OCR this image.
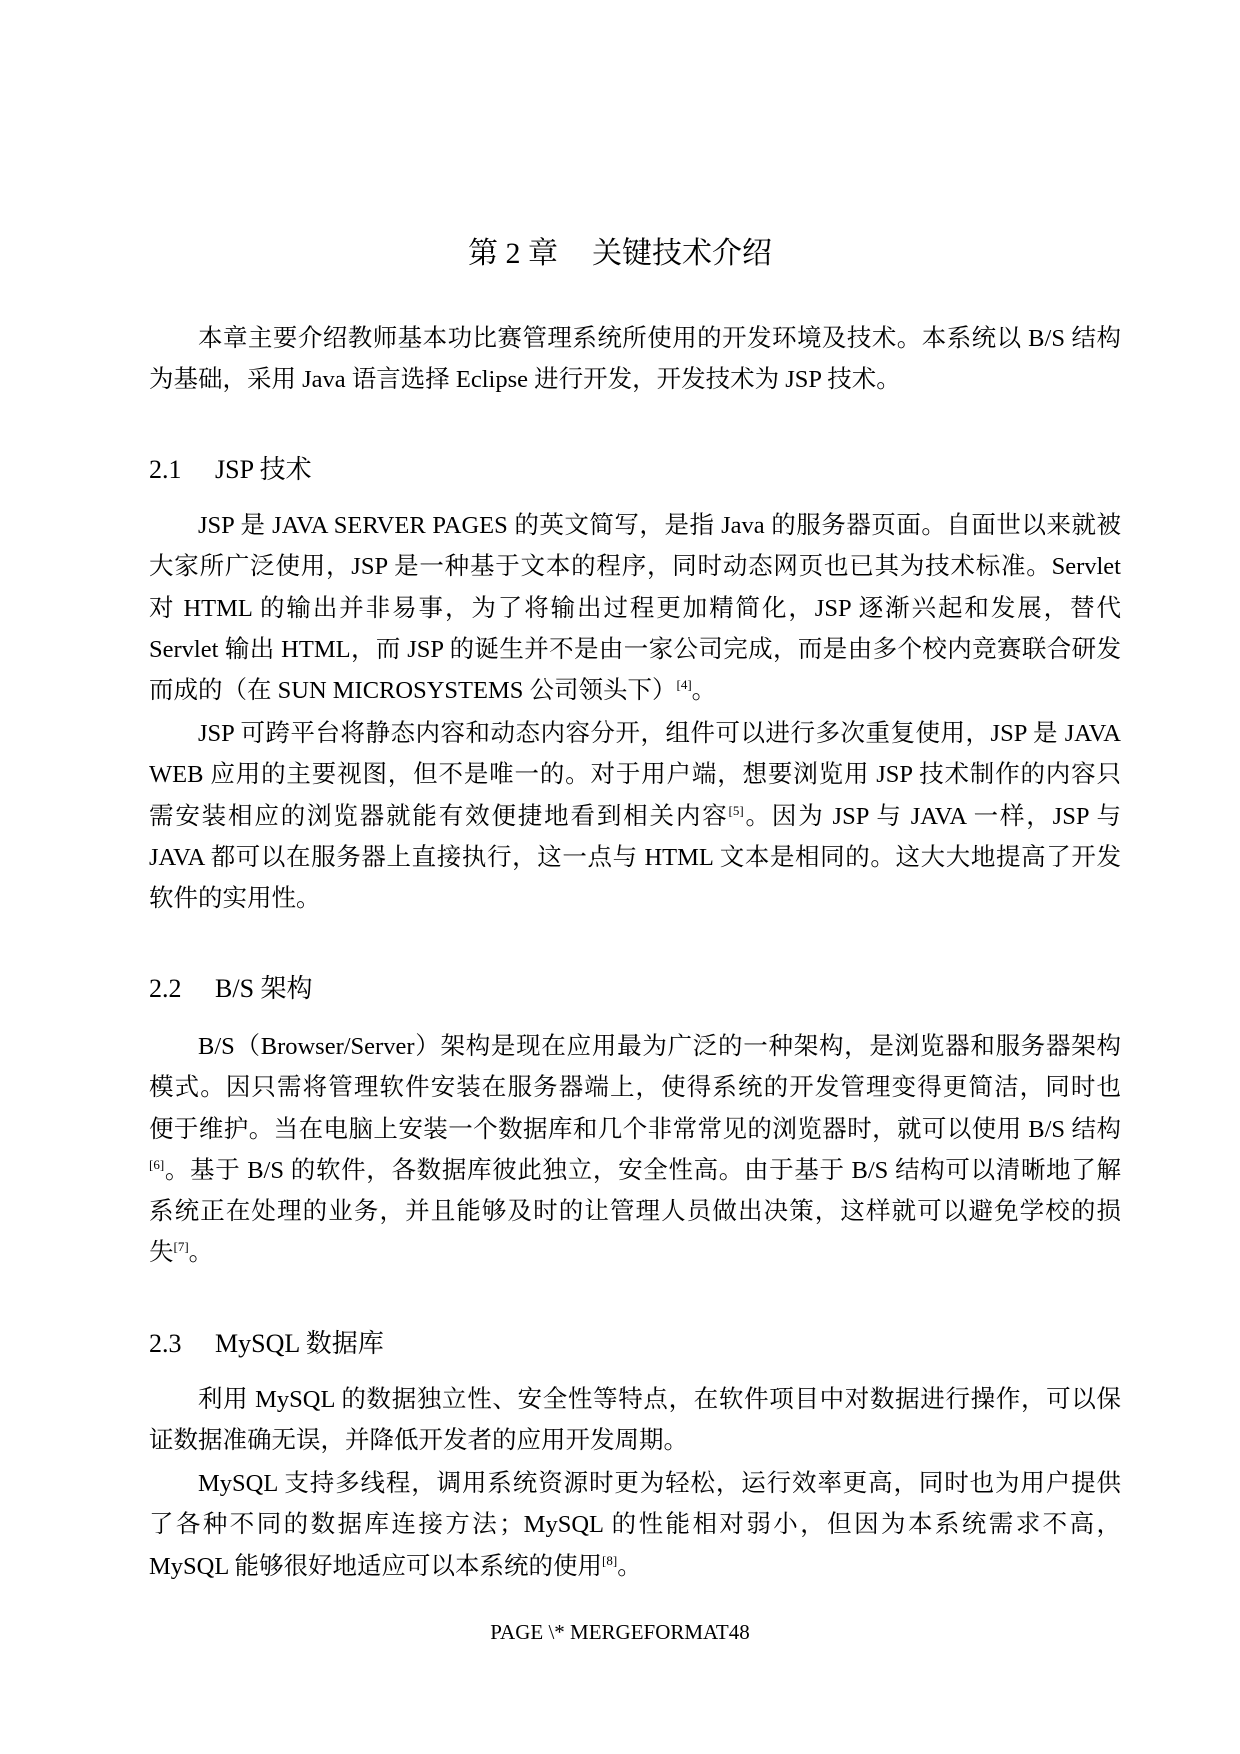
第 2 章 关键技术介绍
本章主要介绍教师基本功比赛管理系统所使用的开发环境及技术。本系统以 B/S 结构
为基础，采用 Java 语言选择 Eclipse 进行开发，开发技术为 JSP 技术。
2.1 JSP 技术
JSP 是 JAVA SERVER PAGES 的英文简写，是指 Java 的服务器页面。自面世以来就被
大家所广泛使用，JSP 是一种基于文本的程序，同时动态网页也已其为技术标准。Servlet
对 HTML 的输出并非易事，为了将输出过程更加精简化，JSP 逐渐兴起和发展，替代
Servlet 输出 HTML，而 JSP 的诞生并不是由一家公司完成，而是由多个校内竞赛联合研发
而成的（在 SUN MICROSYSTEMS 公司领头下）[4]。
JSP 可跨平台将静态内容和动态内容分开，组件可以进行多次重复使用，JSP 是 JAVA
WEB 应用的主要视图，但不是唯一的。对于用户端，想要浏览用 JSP 技术制作的内容只
需安装相应的浏览器就能有效便捷地看到相关内容[5]。因为 JSP 与 JAVA 一样，JSP 与
JAVA 都可以在服务器上直接执行，这一点与 HTML 文本是相同的。这大大地提高了开发
软件的实用性。
2.2 B/S 架构
B/S（Browser/Server）架构是现在应用最为广泛的一种架构，是浏览器和服务器架构
模式。因只需将管理软件安装在服务器端上，使得系统的开发管理变得更简洁，同时也
便于维护。当在电脑上安装一个数据库和几个非常常见的浏览器时，就可以使用 B/S 结构
[6]。基于 B/S 的软件，各数据库彼此独立，安全性高。由于基于 B/S 结构可以清晰地了解
系统正在处理的业务，并且能够及时的让管理人员做出决策，这样就可以避免学校的损
失[7]。
2.3 MySQL 数据库
利用 MySQL 的数据独立性、安全性等特点，在软件项目中对数据进行操作，可以保
证数据准确无误，并降低开发者的应用开发周期。
MySQL 支持多线程，调用系统资源时更为轻松，运行效率更高，同时也为用户提供
了各种不同的数据库连接方法；MySQL 的性能相对弱小，但因为本系统需求不高，
MySQL 能够很好地适应可以本系统的使用[8]。
PAGE \* MERGEFORMAT48
